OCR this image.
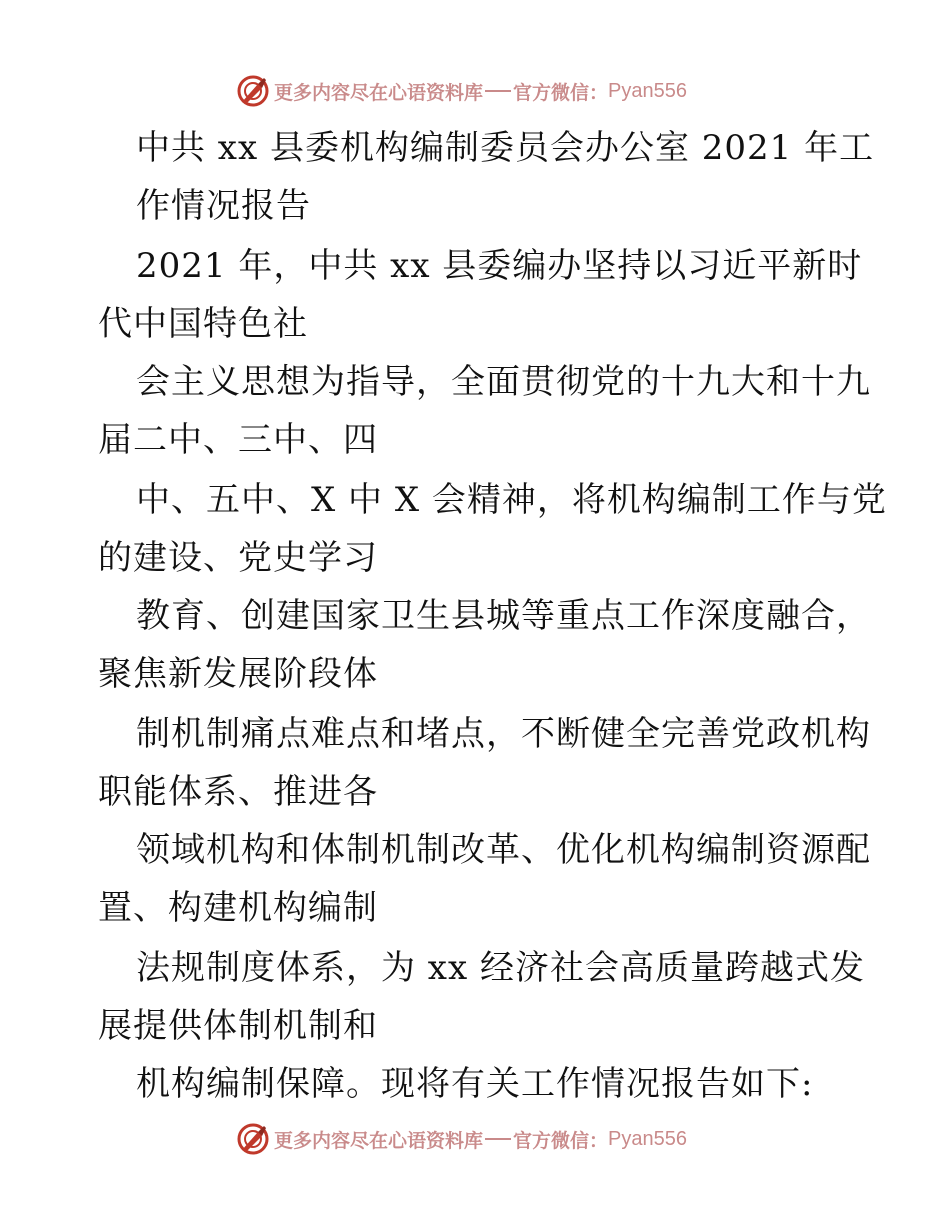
更多内容尽在心语资料库 官方微信： Pyan556
中共 xx 县委机构编制委员会办公室 2021 年工
作情况报告
2021 年，中共 xx 县委编办坚持以习近平新时
代中国特色社
会主义思想为指导，全面贯彻党的十九大和十九
届二中、三中、四
中、五中、X 中 X 会精神，将机构编制工作与党
的建设、党史学习
教育、创建国家卫生县城等重点工作深度融合，
聚焦新发展阶段体
制机制痛点难点和堵点，不断健全完善党政机构
职能体系、推进各
领域机构和体制机制改革、优化机构编制资源配
置、构建机构编制
法规制度体系，为 xx 经济社会高质量跨越式发
展提供体制机制和
机构编制保障。现将有关工作情况报告如下:
更多内容尽在心语资料库 官方微信： Pyan556
